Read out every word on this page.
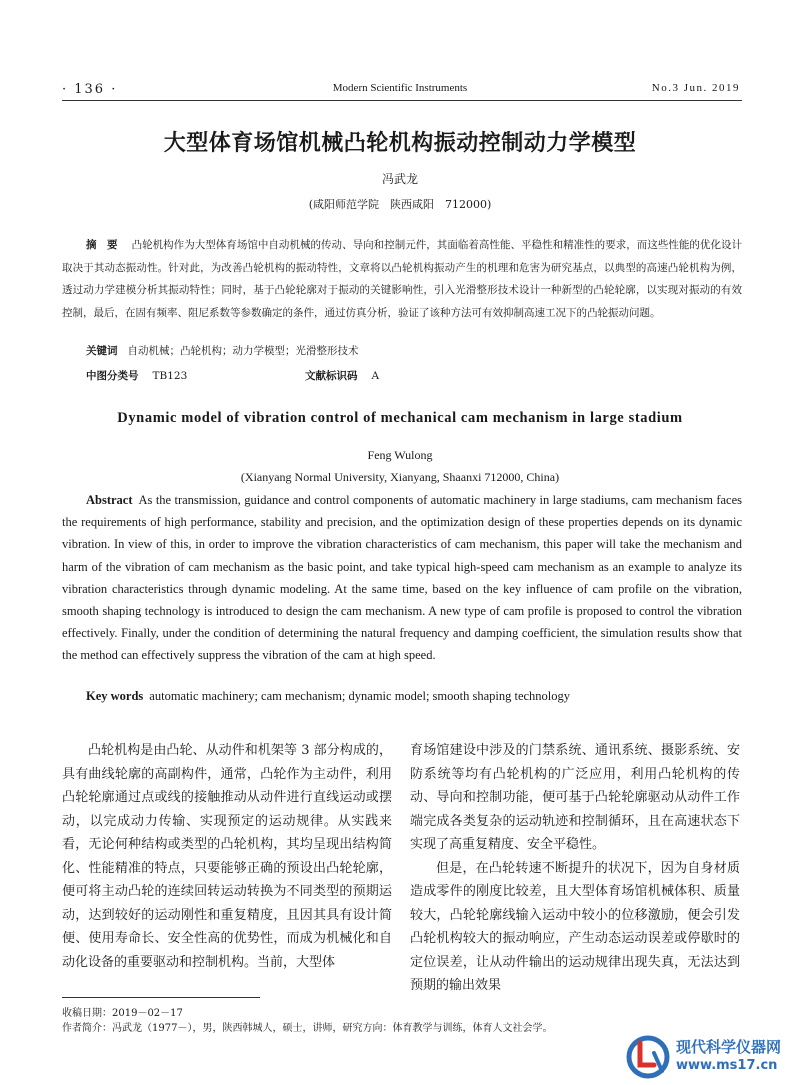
· 136 ·	Modern Scientific Instruments	No.3 Jun. 2019
大型体育场馆机械凸轮机构振动控制动力学模型
冯武龙
(咸阳师范学院　陕西咸阳　712000)
摘　要 凸轮机构作为大型体育场馆中自动机械的传动、导向和控制元件，其面临着高性能、平稳性和精准性的要求，而这些性能的优化设计取决于其动态振动性。针对此，为改善凸轮机构的振动特性，文章将以凸轮机构振动产生的机理和危害为研究基点，以典型的高速凸轮机构为例，透过动力学建模分析其振动特性；同时，基于凸轮轮廓对于振动的关键影响性，引入光滑整形技术设计一种新型的凸轮轮廓，以实现对振动的有效控制，最后，在固有频率、阻尼系数等参数确定的条件，通过仿真分析，验证了该种方法可有效抑制高速工况下的凸轮振动问题。
关键词 自动机械；凸轮机构；动力学模型；光滑整形技术
中图分类号 TB123	文献标识码 A
Dynamic model of vibration control of mechanical cam mechanism in large stadium
Feng Wulong
(Xianyang Normal University, Xianyang, Shaanxi 712000, China)
Abstract As the transmission, guidance and control components of automatic machinery in large stadiums, cam mechanism faces the requirements of high performance, stability and precision, and the optimization design of these properties depends on its dynamic vibration. In view of this, in order to improve the vibration characteristics of cam mechanism, this paper will take the mechanism and harm of the vibration of cam mechanism as the basic point, and take typical high-speed cam mechanism as an example to analyze its vibration characteristics through dynamic modeling. At the same time, based on the key influence of cam profile on the vibration, smooth shaping technology is introduced to design the cam mechanism. A new type of cam profile is proposed to control the vibration effectively. Finally, under the condition of determining the natural frequency and damping coefficient, the simulation results show that the method can effectively suppress the vibration of the cam at high speed.
Key words automatic machinery; cam mechanism; dynamic model; smooth shaping technology

凸轮机构是由凸轮、从动件和机架等 3 部分构成的，具有曲线轮廓的高副构件，通常，凸轮作为主动件，利用凸轮轮廓通过点或线的接触推动从动件进行直线运动或摆动，以完成动力传输、实现预定的运动规律。从实践来看，无论何种结构或类型的凸轮机构，其均呈现出结构简化、性能精准的特点，只要能够正确的预设出凸轮轮廓，便可将主动凸轮的连续回转运动转换为不同类型的预期运动，达到较好的运动刚性和重复精度，且因其具有设计简便、使用寿命长、安全性高的优势性，而成为机械化和自动化设备的重要驱动和控制机构。当前，大型体

育场馆建设中涉及的门禁系统、通讯系统、摄影系统、安防系统等均有凸轮机构的广泛应用，利用凸轮机构的传动、导向和控制功能，便可基于凸轮轮廓驱动从动件工作端完成各类复杂的运动轨迹和控制循环，且在高速状态下实现了高重复精度、安全平稳性。

但是，在凸轮转速不断提升的状况下，因为自身材质造成零件的刚度比较差，且大型体育场馆机械体积、质量较大，凸轮轮廓线输入运动中较小的位移激励，便会引发凸轮机构较大的振动响应，产生动态运动误差或停歇时的定位误差，让从动件输出的运动规律出现失真，无法达到预期的输出效果

收稿日期：2019－02－17
作者简介：冯武龙（1977－），男，陕西韩城人，硕士，讲师，研究方向：体育教学与训练，体育人文社会学。
现代科学仪器网
www.ms17.cn
